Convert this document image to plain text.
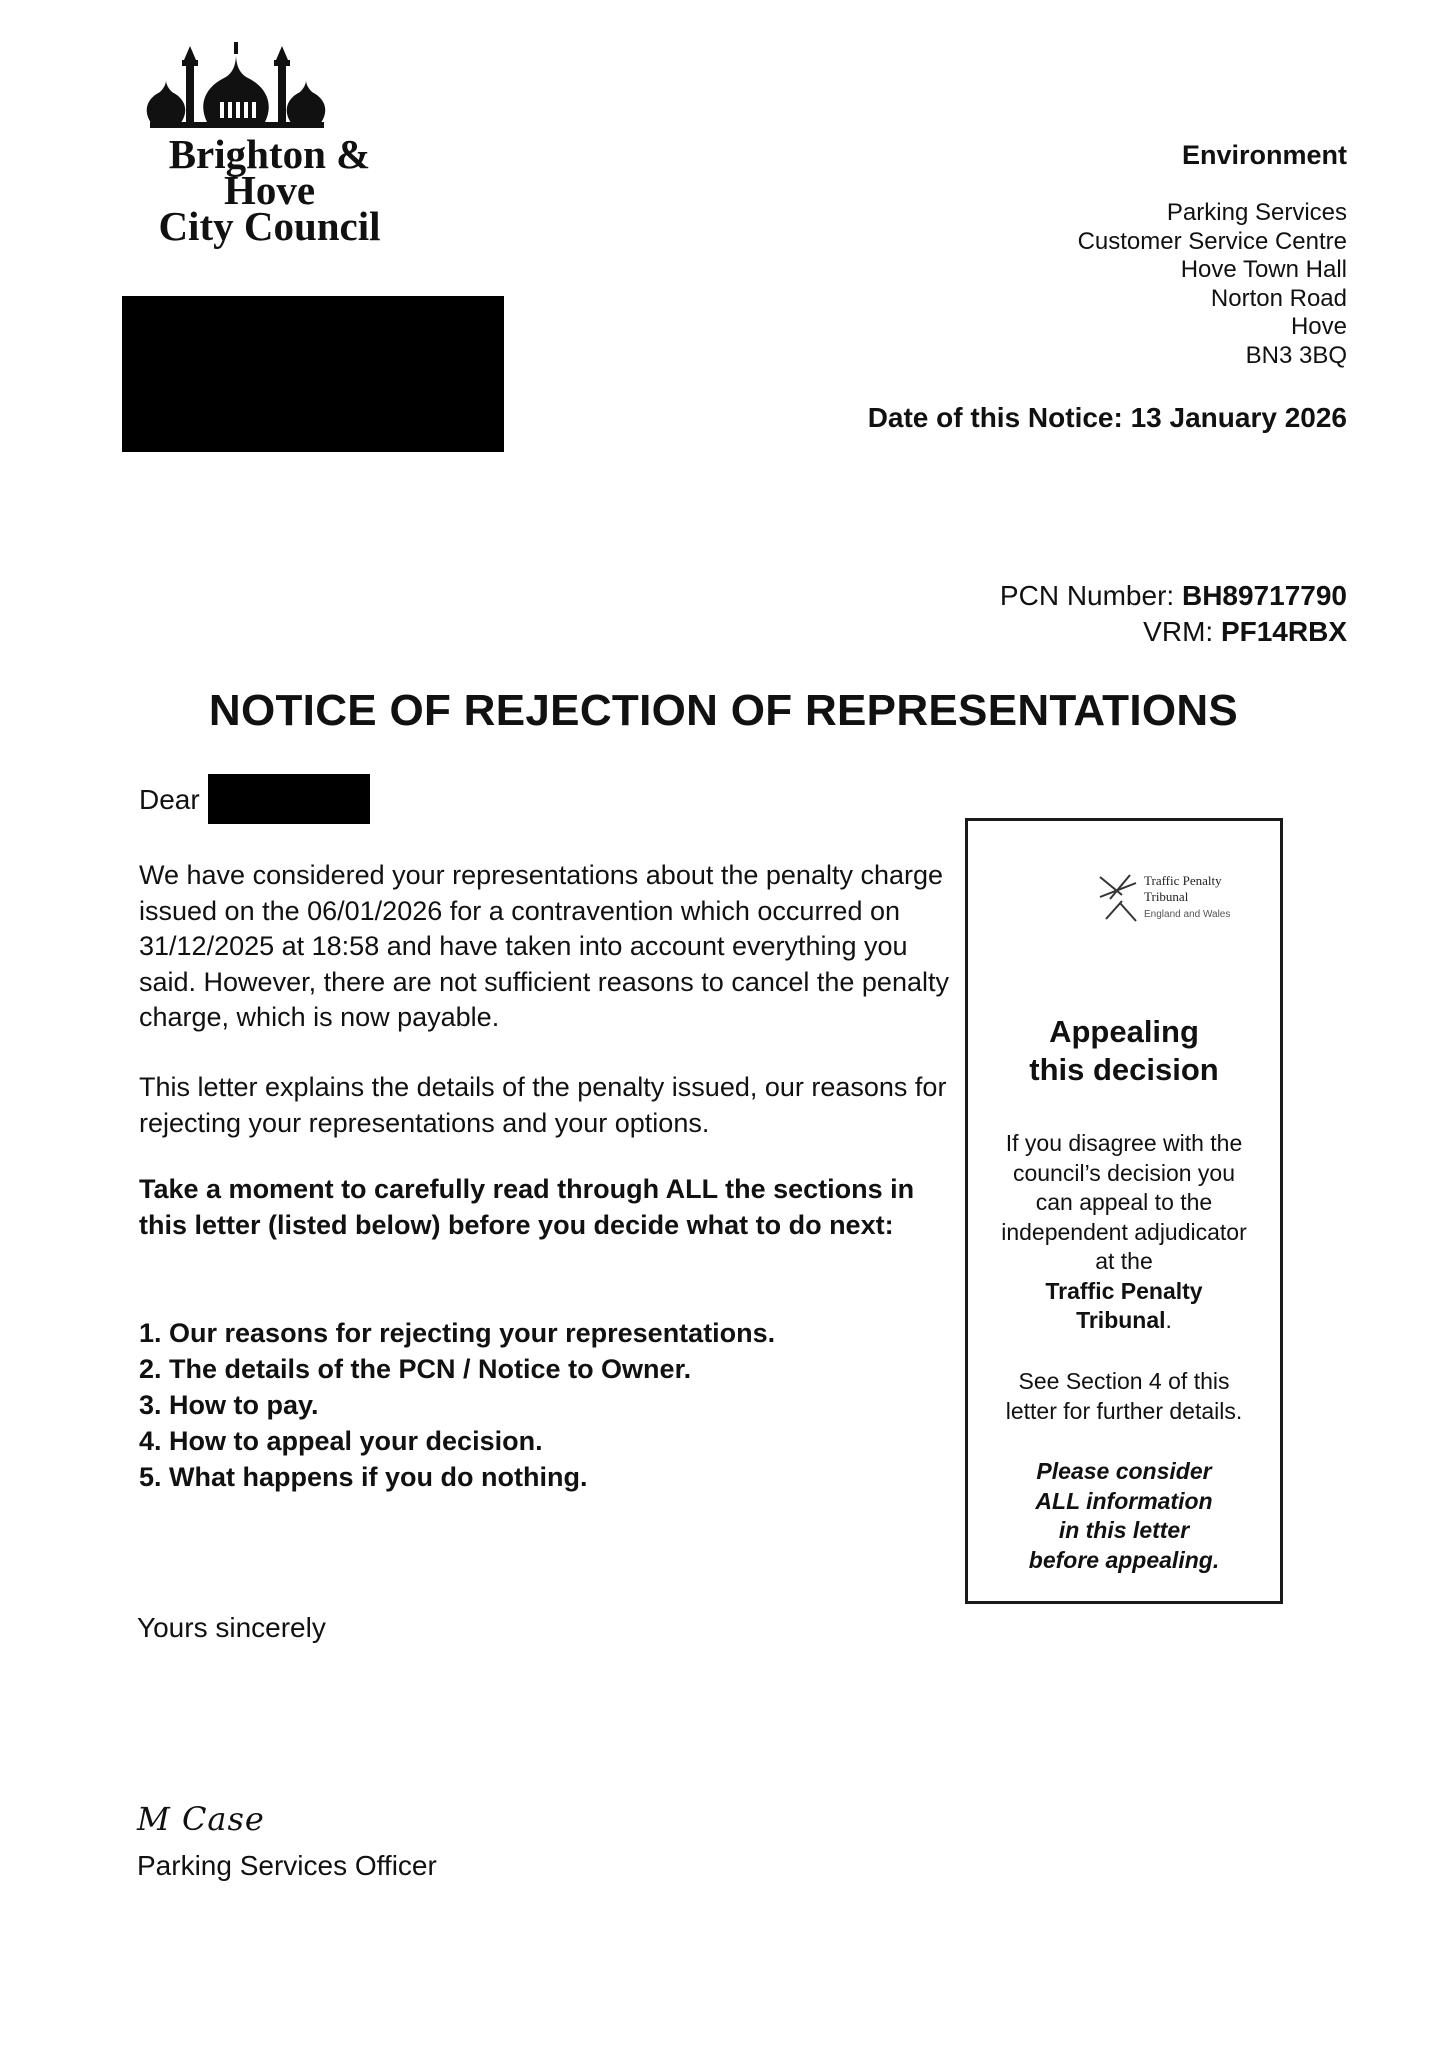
Brighton & Hove
City Council
Environment
Parking Services
Customer Service Centre
Hove Town Hall
Norton Road
Hove
BN3 3BQ
Date of this Notice: 13 January 2026
PCN Number: BH89717790
VRM: PF14RBX
NOTICE OF REJECTION OF REPRESENTATIONS
Dear
We have considered your representations about the penalty charge issued on the 06/01/2026 for a contravention which occurred on 31/12/2025 at 18:58 and have taken into account everything you said. However, there are not sufficient reasons to cancel the penalty charge, which is now payable.
This letter explains the details of the penalty issued, our reasons for rejecting your representations and your options.
Take a moment to carefully read through ALL the sections in this letter (listed below) before you decide what to do next:
1. Our reasons for rejecting your representations.
2. The details of the PCN / Notice to Owner.
3. How to pay.
4. How to appeal your decision.
5. What happens if you do nothing.
Traffic Penalty
Tribunal
England and Wales
Appealing
this decision
If you disagree with the
council’s decision you
can appeal to the
independent adjudicator
at the
Traffic Penalty
Tribunal.
See Section 4 of this
letter for further details.
Please consider
ALL information
in this letter
before appealing.
Yours sincerely
M Case
Parking Services Officer
